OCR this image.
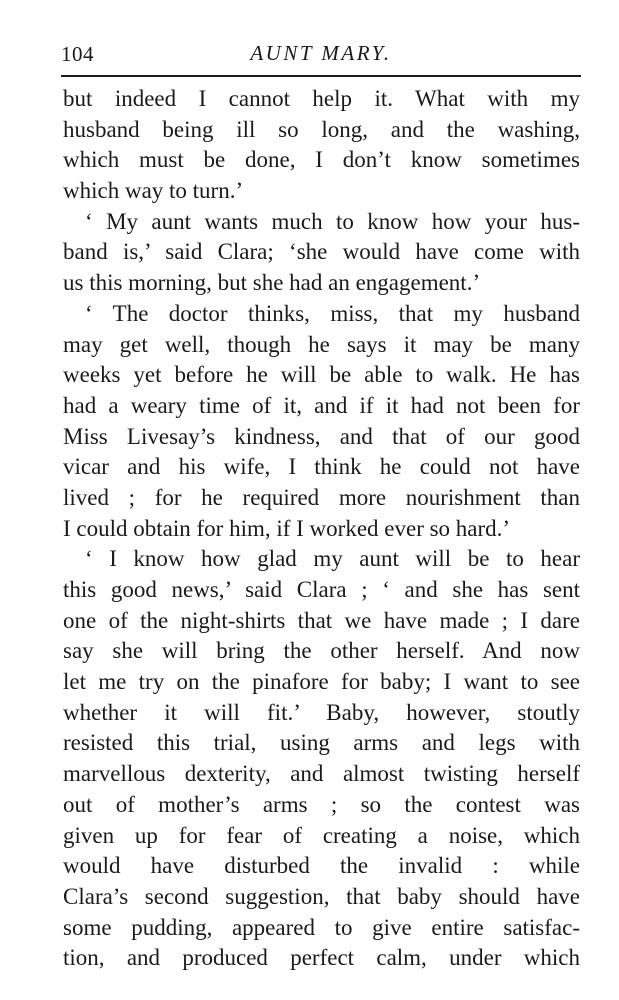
104	AUNT MARY.
but indeed I cannot help it. What with my
husband being ill so long, and the washing,
which must be done, I don’t know sometimes
which way to turn.’
‘ My aunt wants much to know how your hus-
band is,’ said Clara; ‘she would have come with
us this morning, but she had an engagement.’
‘ The doctor thinks, miss, that my husband
may get well, though he says it may be many
weeks yet before he will be able to walk. He has
had a weary time of it, and if it had not been for
Miss Livesay’s kindness, and that of our good
vicar and his wife, I think he could not have
lived ; for he required more nourishment than
I could obtain for him, if I worked ever so hard.’
‘ I know how glad my aunt will be to hear
this good news,’ said Clara ; ‘ and she has sent
one of the night-shirts that we have made ; I dare
say she will bring the other herself. And now
let me try on the pinafore for baby; I want to see
whether it will fit.’ Baby, however, stoutly
resisted this trial, using arms and legs with
marvellous dexterity, and almost twisting herself
out of mother’s arms ; so the contest was
given up for fear of creating a noise, which
would have disturbed the invalid : while
Clara’s second suggestion, that baby should have
some pudding, appeared to give entire satisfac-
tion, and produced perfect calm, under which
